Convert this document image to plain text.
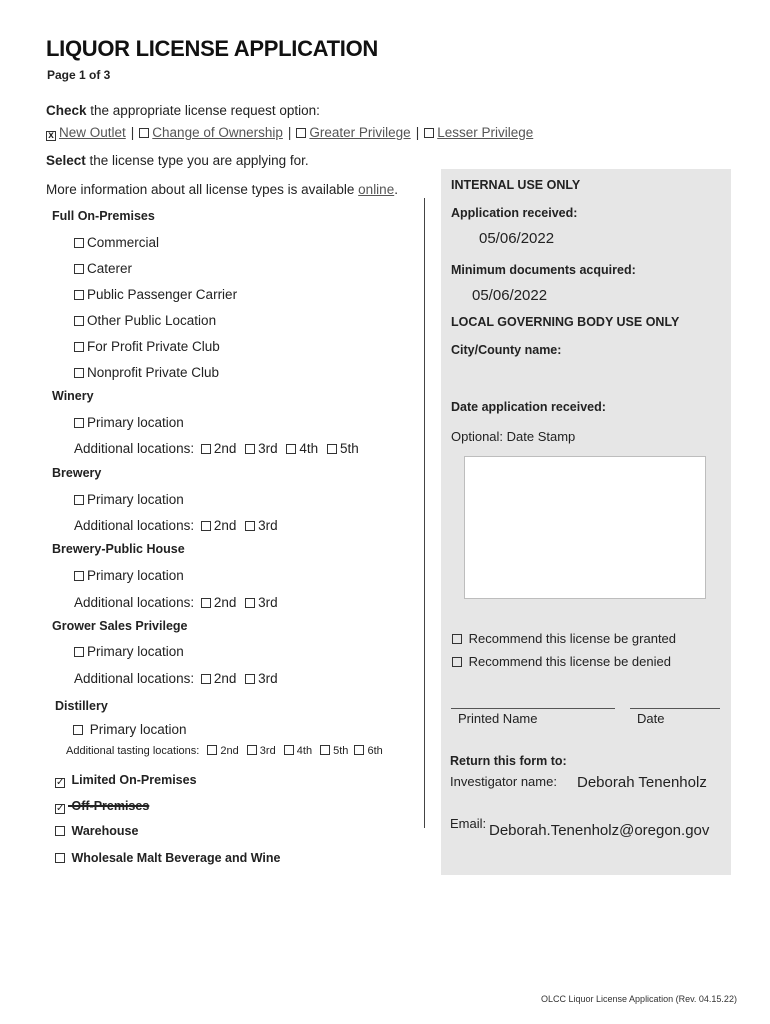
LIQUOR LICENSE APPLICATION
Page 1 of 3
Check the appropriate license request option:
x New Outlet | Change of Ownership | Greater Privilege | Lesser Privilege
Select the license type you are applying for.
More information about all license types is available online.
Full On-Premises
Commercial
Caterer
Public Passenger Carrier
Other Public Location
For Profit Private Club
Nonprofit Private Club
Winery
Primary location
Additional locations: 2nd 3rd 4th 5th
Brewery
Primary location
Additional locations: 2nd 3rd
Brewery-Public House
Primary location
Additional locations: 2nd 3rd
Grower Sales Privilege
Primary location
Additional locations: 2nd 3rd
Distillery
Primary location
Additional tasting locations: 2nd 3rd 4th 5th 6th
✓ Limited On-Premises
✓ Off-Premises
Warehouse
Wholesale Malt Beverage and Wine
INTERNAL USE ONLY
Application received:
05/06/2022
Minimum documents acquired:
05/06/2022
LOCAL GOVERNING BODY USE ONLY
City/County name:
Date application received:
Optional: Date Stamp
Recommend this license be granted
Recommend this license be denied
Printed Name	Date
Return this form to:
Investigator name: Deborah Tenenholz
Email: Deborah.Tenenholz@oregon.gov
OLCC Liquor License Application (Rev. 04.15.22)
